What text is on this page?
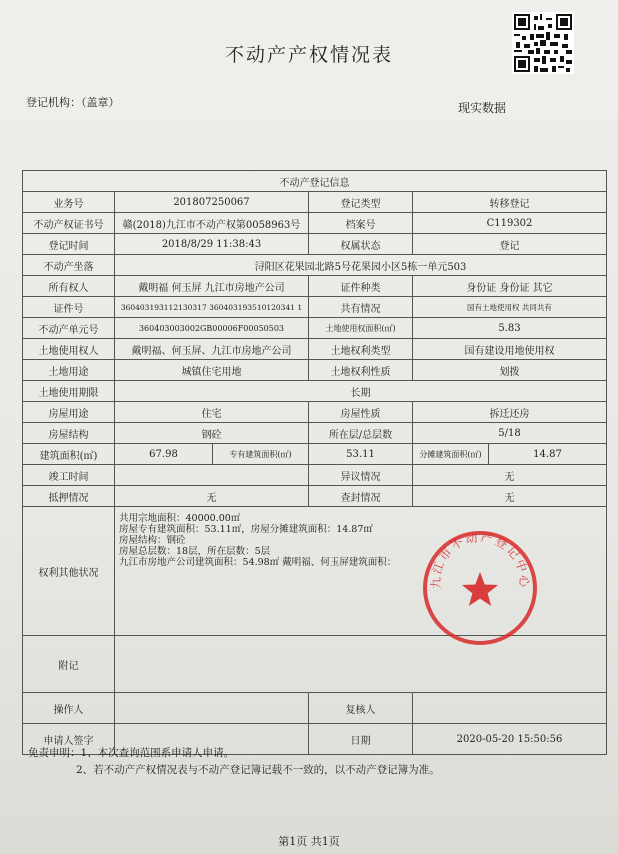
不动产产权情况表
登记机构：（盖章）	现实数据
不动产登记信息					
业务号	201807250067		登记类型	转移登记	
不动产权证书号	赣(2018)九江市不动产权第0058963号		档案号	C119302	
登记时间	2018/8/29 11:38:43		权属状态	登记	
不动产坐落	浔阳区花果园北路5号花果园小区5栋一单元503				
所有权人	戴明福 何玉屏 九江市房地产公司		证件种类	身份证 身份证 其它	
证件号	360403193112130317 360403193510120341 1		共有情况	国有土地使用权 共同共有	
不动产单元号	360403003002GB00006F00050503		土地使用权面积(㎡)	5.83	
土地使用权人	戴明福、何玉屏、九江市房地产公司		土地权利类型	国有建设用地使用权	
土地用途	城镇住宅用地		土地权利性质	划拨	
土地使用期限	长期				
房屋用途	住宅		房屋性质	拆迁还房	
房屋结构	钢砼		所在层/总层数	5/18	
建筑面积(㎡)	67.98	专有建筑面积(㎡)	53.11	分摊建筑面积(㎡)	14.87
竣工时间			异议情况	无	
抵押情况	无		查封情况	无	
权利其他状况	共用宗地面积：40000.00㎡
房屋专有建筑面积：53.11㎡，房屋分摊建筑面积：14.87㎡
房屋结构：钢砼
房屋总层数：18层，所在层数：5层
九江市房地产公司建筑面积：54.98㎡ 戴明福、何玉屏建筑面积：				

附记					
操作人			复核人		
申请人签字			日期	2020-05-20 15:50:56	
免责申明：1、本次查询范围系申请人申请。
2、若不动产产权情况表与不动产登记簿记载不一致的，以不动产登记簿为准。
第1页 共1页
九江市不动产登记中心
